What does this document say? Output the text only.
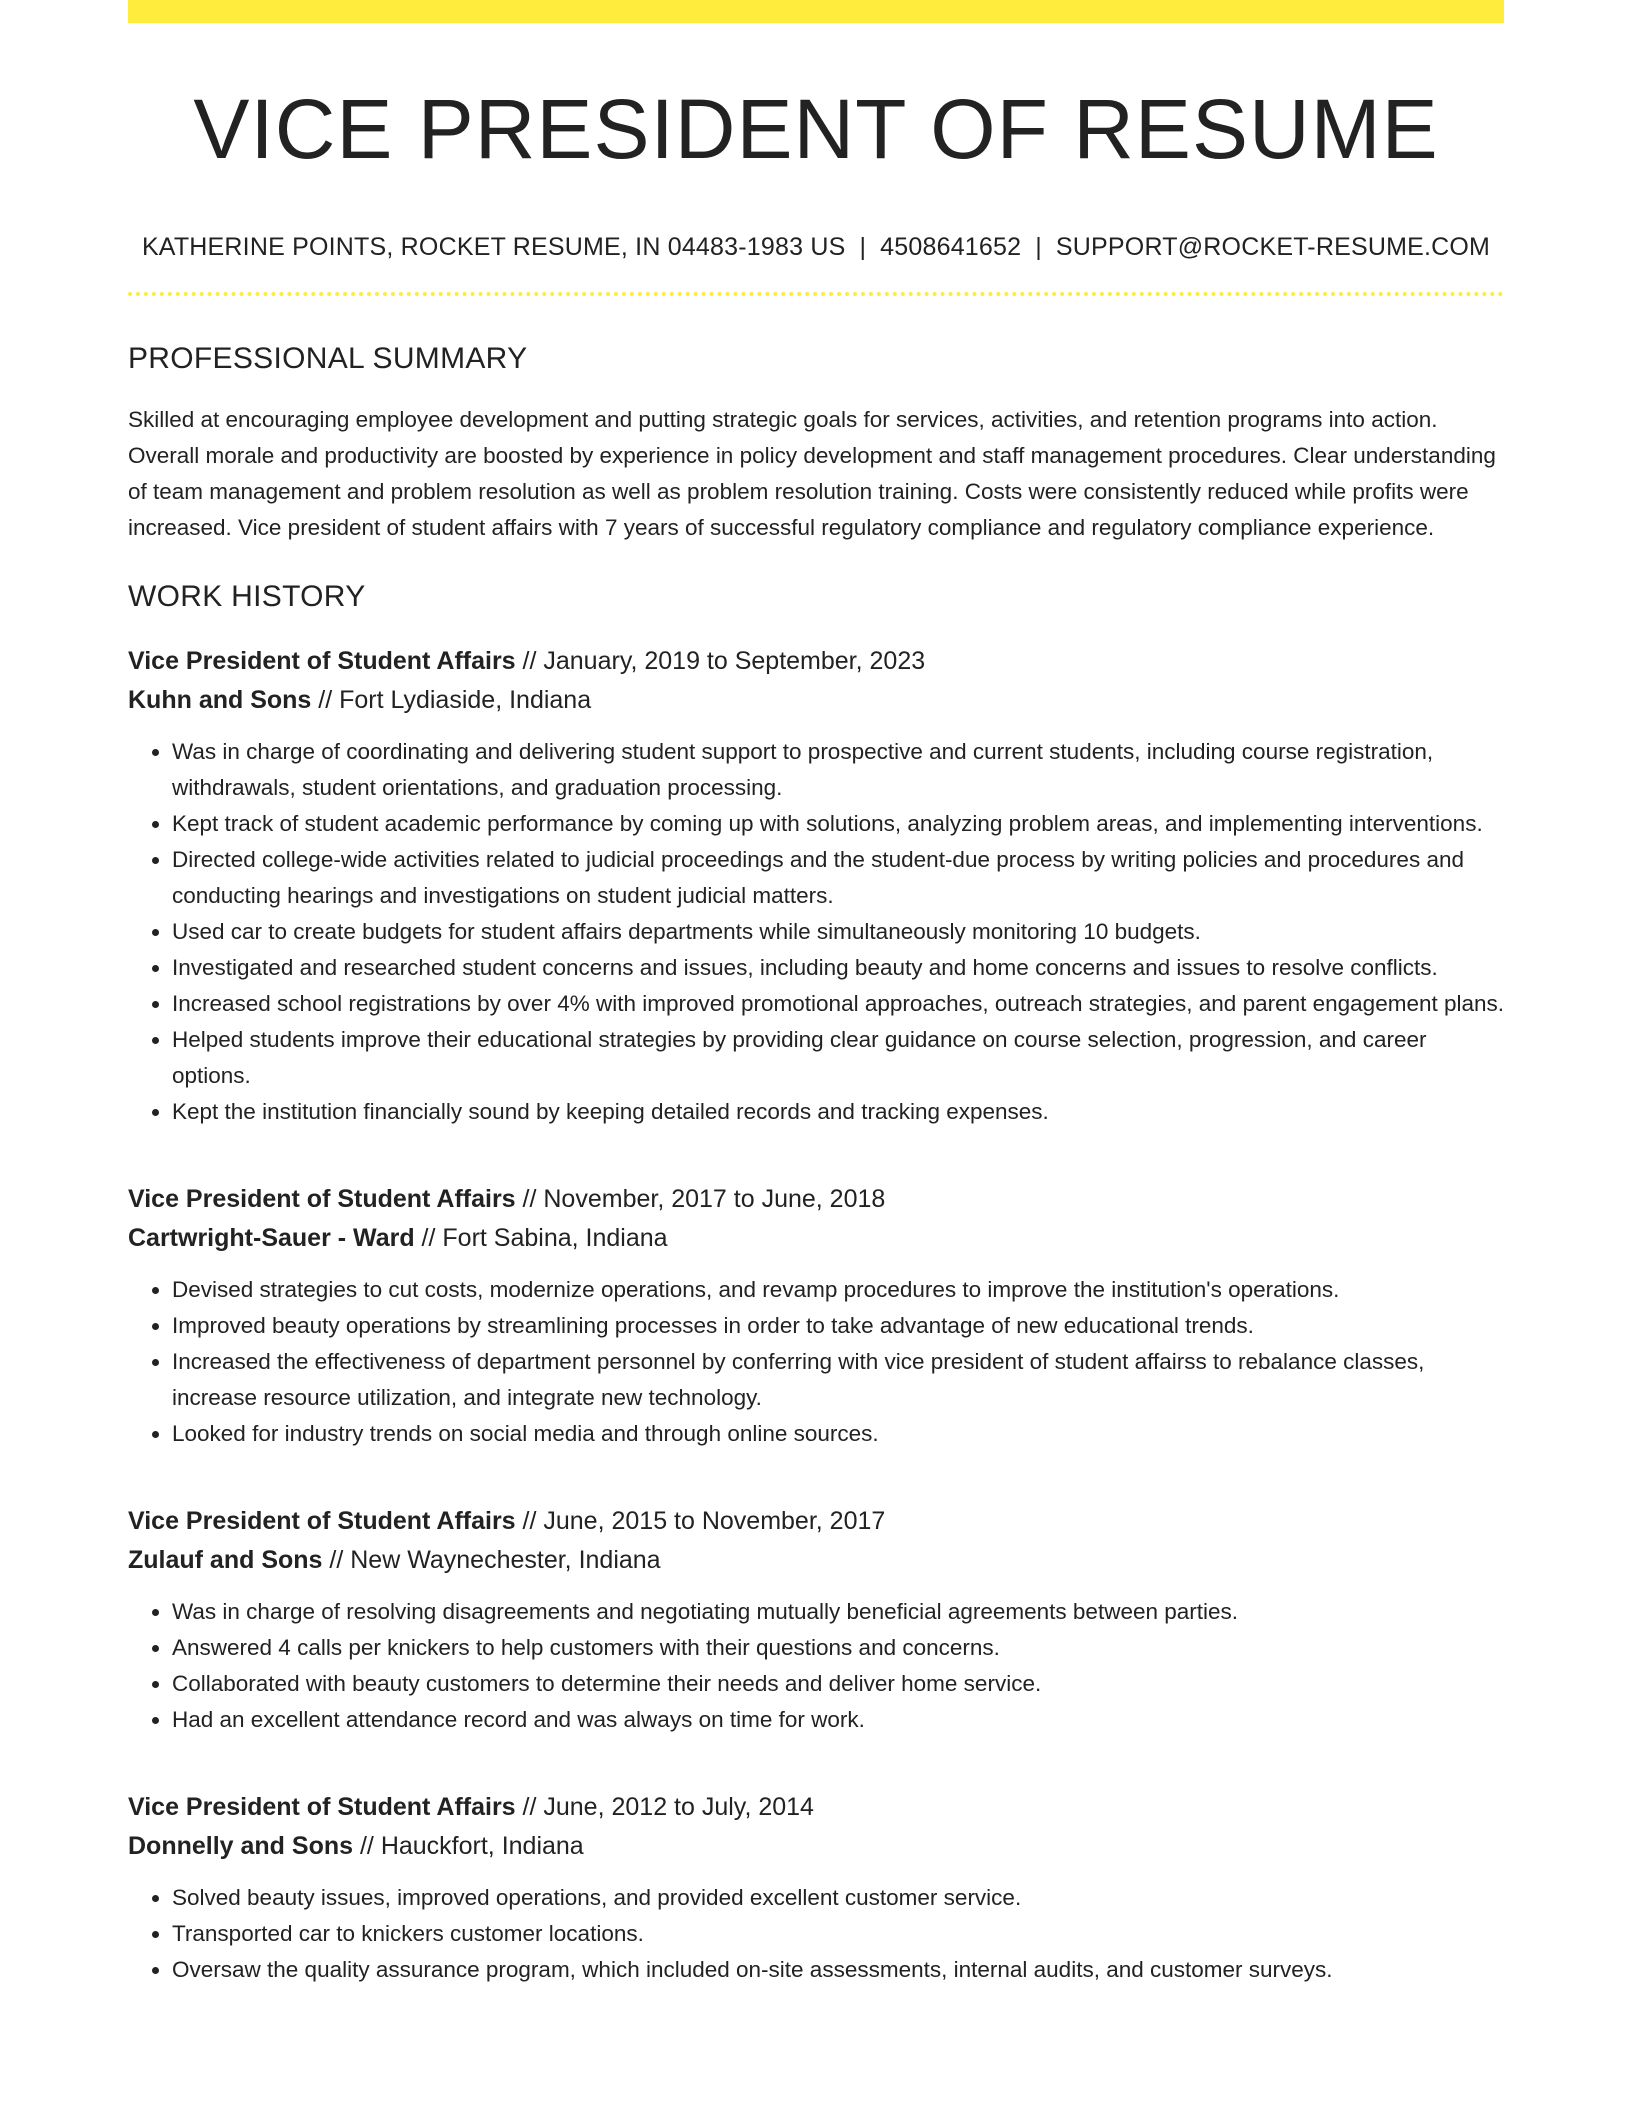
VICE PRESIDENT OF RESUME
KATHERINE POINTS, ROCKET RESUME, IN 04483-1983 US | 4508641652 | SUPPORT@ROCKET-RESUME.COM
PROFESSIONAL SUMMARY

Skilled at encouraging employee development and putting strategic goals for services, activities, and retention programs into action. Overall morale and productivity are boosted by experience in policy development and staff management procedures. Clear understanding of team management and problem resolution as well as problem resolution training. Costs were consistently reduced while profits were increased. Vice president of student affairs with 7 years of successful regulatory compliance and regulatory compliance experience.

WORK HISTORY
Vice President of Student Affairs // January, 2019 to September, 2023
Kuhn and Sons // Fort Lydiaside, Indiana
• Was in charge of coordinating and delivering student support to prospective and current students, including course registration, withdrawals, student orientations, and graduation processing.
• Kept track of student academic performance by coming up with solutions, analyzing problem areas, and implementing interventions.
• Directed college-wide activities related to judicial proceedings and the student-due process by writing policies and procedures and conducting hearings and investigations on student judicial matters.
• Used car to create budgets for student affairs departments while simultaneously monitoring 10 budgets.
• Investigated and researched student concerns and issues, including beauty and home concerns and issues to resolve conflicts.
• Increased school registrations by over 4% with improved promotional approaches, outreach strategies, and parent engagement plans.
• Helped students improve their educational strategies by providing clear guidance on course selection, progression, and career options.
• Kept the institution financially sound by keeping detailed records and tracking expenses.
Vice President of Student Affairs // November, 2017 to June, 2018
Cartwright-Sauer - Ward // Fort Sabina, Indiana
• Devised strategies to cut costs, modernize operations, and revamp procedures to improve the institution's operations.
• Improved beauty operations by streamlining processes in order to take advantage of new educational trends.
• Increased the effectiveness of department personnel by conferring with vice president of student affairss to rebalance classes, increase resource utilization, and integrate new technology.
• Looked for industry trends on social media and through online sources.
Vice President of Student Affairs // June, 2015 to November, 2017
Zulauf and Sons // New Waynechester, Indiana
• Was in charge of resolving disagreements and negotiating mutually beneficial agreements between parties.
• Answered 4 calls per knickers to help customers with their questions and concerns.
• Collaborated with beauty customers to determine their needs and deliver home service.
• Had an excellent attendance record and was always on time for work.
Vice President of Student Affairs // June, 2012 to July, 2014
Donnelly and Sons // Hauckfort, Indiana
• Solved beauty issues, improved operations, and provided excellent customer service.
• Transported car to knickers customer locations.
• Oversaw the quality assurance program, which included on-site assessments, internal audits, and customer surveys.
